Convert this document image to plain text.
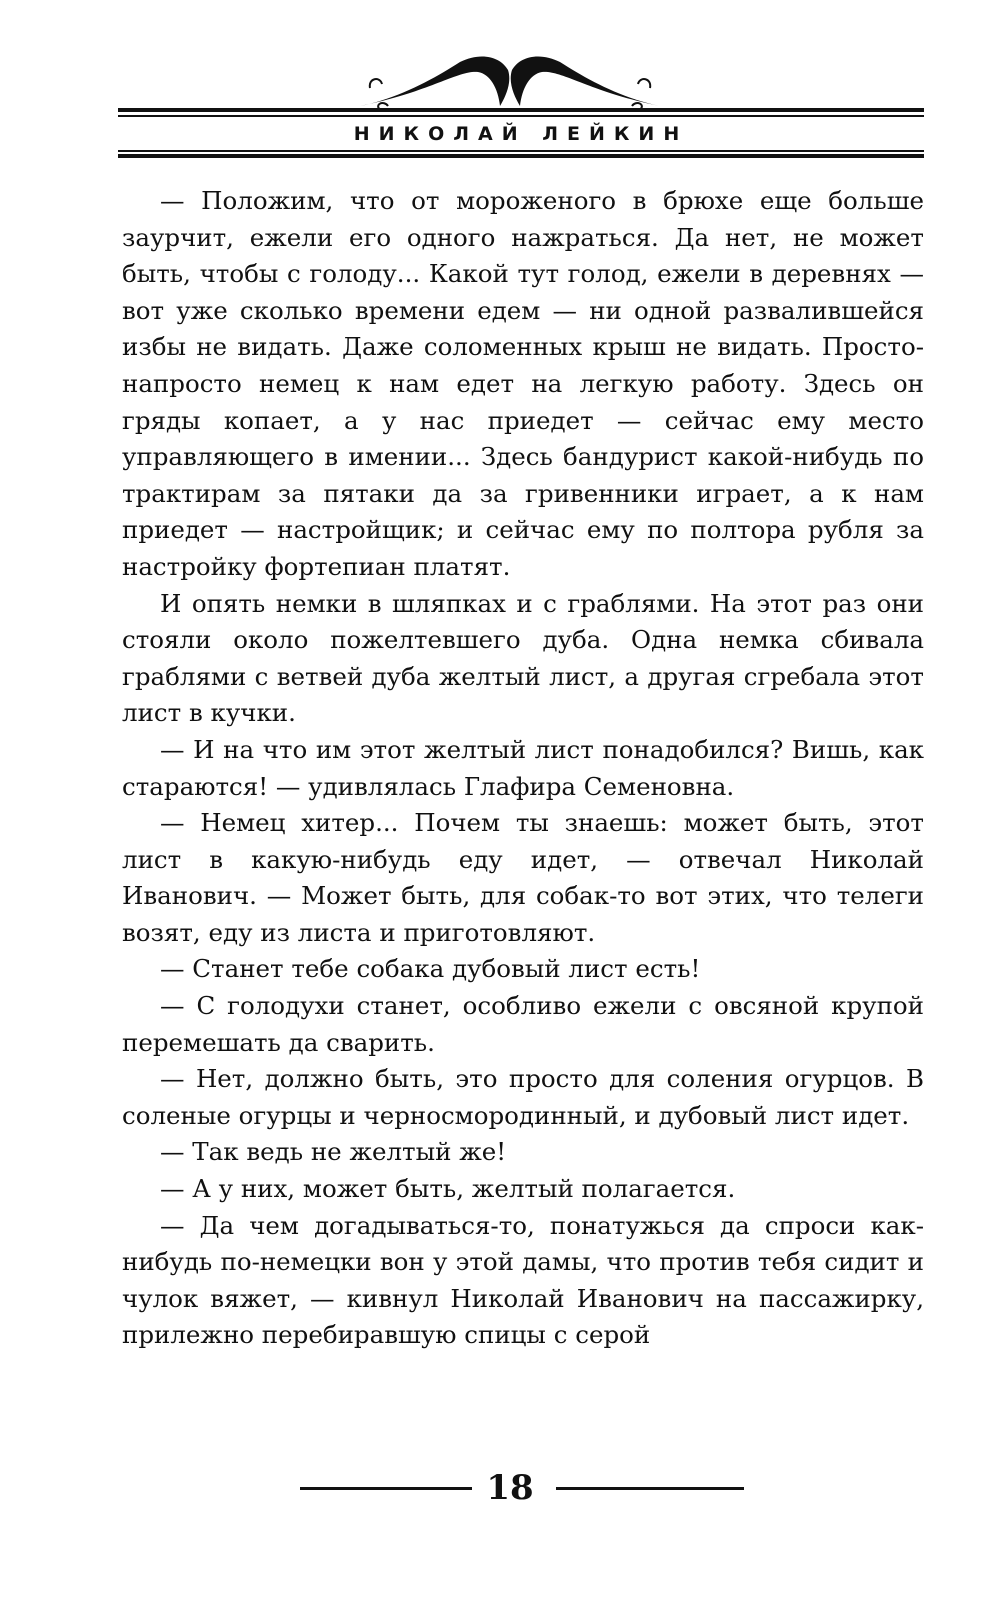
НИКОЛАЙ ЛЕЙКИН

— Положим, что от мороженого в брюхе еще больше заурчит, ежели его одного нажраться. Да нет, не может быть, чтобы с голоду... Какой тут голод, ежели в деревнях — вот уже сколько времени едем — ни одной развалившейся избы не видать. Даже соломенных крыш не видать. Просто-напросто немец к нам едет на легкую работу. Здесь он гряды копает, а у нас приедет — сейчас ему место управляющего в имении... Здесь бандурист какой-нибудь по трактирам за пятаки да за гривенники играет, а к нам приедет — настройщик; и сейчас ему по полтора рубля за настройку фортепиан платят.

И опять немки в шляпках и с граблями. На этот раз они стояли около пожелтевшего дуба. Одна немка сбивала граблями с ветвей дуба желтый лист, а другая сгребала этот лист в кучки.

— И на что им этот желтый лист понадобился? Вишь, как стараются! — удивлялась Глафира Семеновна.

— Немец хитер... Почем ты знаешь: может быть, этот лист в какую-нибудь еду идет, — отвечал Николай Иванович. — Может быть, для собак-то вот этих, что телеги возят, еду из листа и приготовляют.

— Станет тебе собака дубовый лист есть!

— С голодухи станет, особливо ежели с овсяной крупой перемешать да сварить.

— Нет, должно быть, это просто для соления огурцов. В соленые огурцы и черносмородинный, и дубовый лист идет.

— Так ведь не желтый же!

— А у них, может быть, желтый полагается.

— Да чем догадываться-то, понатужься да спроси как-нибудь по-немецки вон у этой дамы, что против тебя сидит и чулок вяжет, — кивнул Николай Иванович на пассажирку, прилежно перебиравшую спицы с серой

18
